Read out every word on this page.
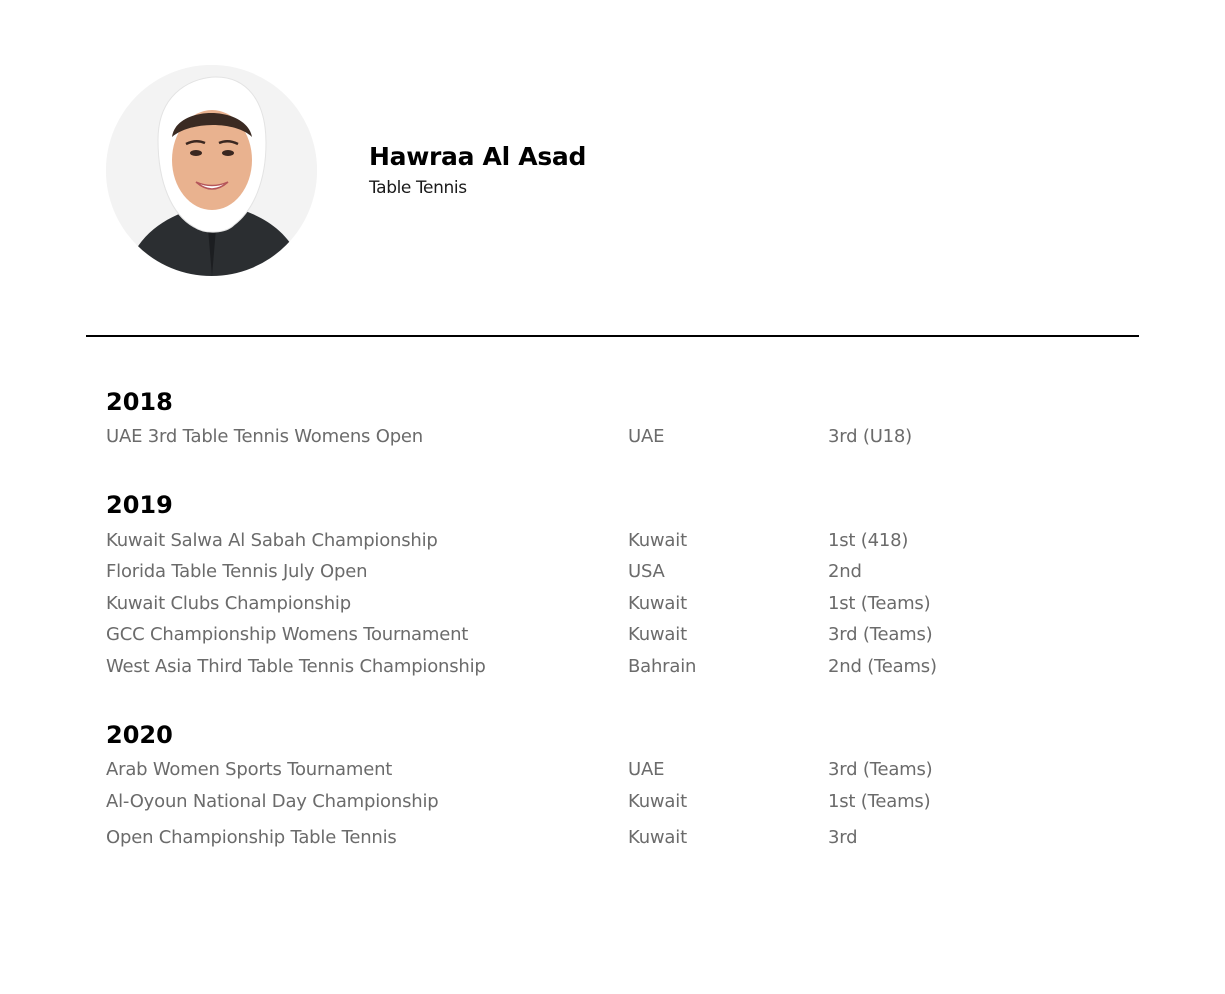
Hawraa Al Asad
Table Tennis
2018
UAE 3rd Table Tennis Womens Open	UAE	3rd (U18)
2019
Kuwait Salwa Al Sabah Championship	Kuwait	1st (418)
Florida Table Tennis July Open	USA	2nd
Kuwait Clubs Championship	Kuwait	1st (Teams)
GCC Championship Womens Tournament	Kuwait	3rd (Teams)
West Asia Third Table Tennis Championship	Bahrain	2nd (Teams)
2020
Arab Women Sports Tournament	UAE	3rd (Teams)
Al-Oyoun National Day Championship	Kuwait	1st (Teams)
Open Championship Table Tennis	Kuwait	3rd
